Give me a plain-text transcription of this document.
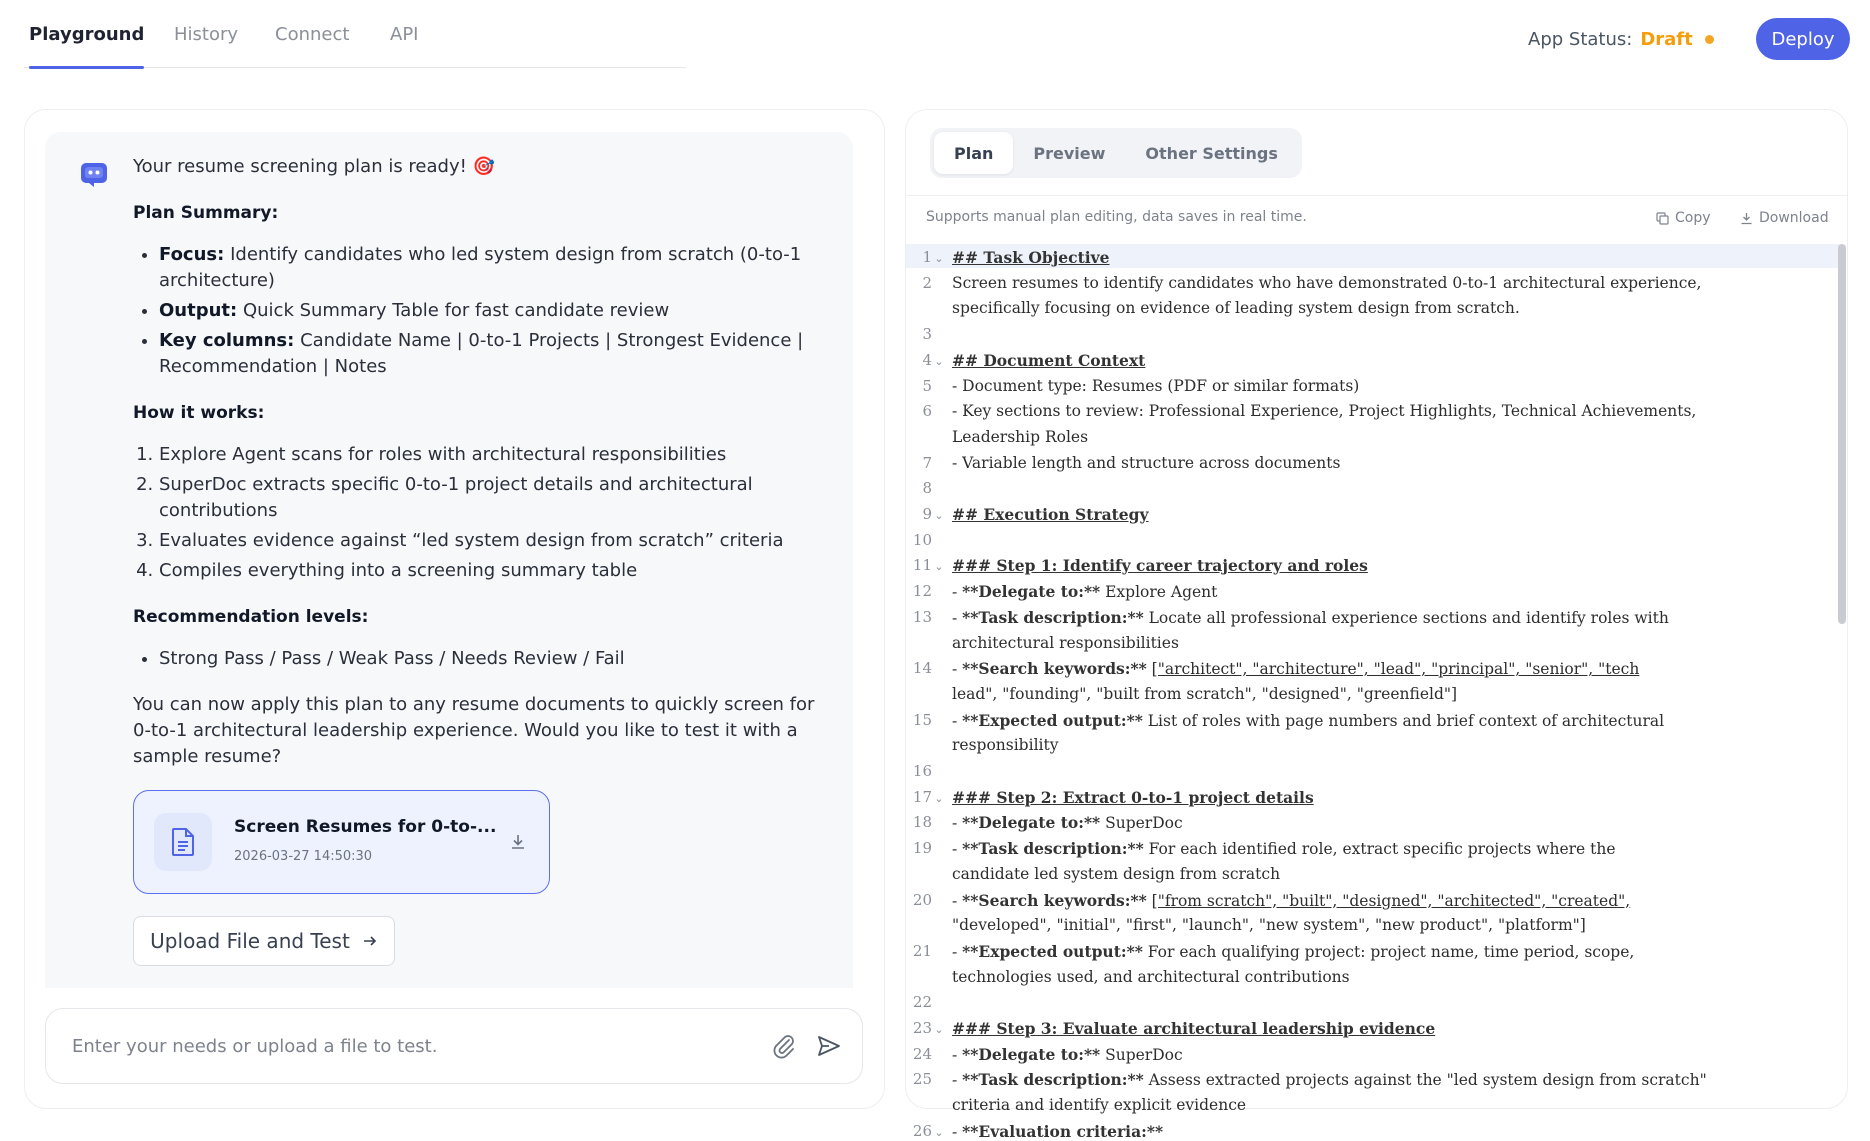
Playground History Connect API	App Status: Draft	Deploy

Your resume screening plan is ready! 🎯

Plan Summary:
• Focus: Identify candidates who led system design from scratch (0-to-1 architecture)
• Output: Quick Summary Table for fast candidate review
• Key columns: Candidate Name | 0-to-1 Projects | Strongest Evidence | Recommendation | Notes
How it works:
1. Explore Agent scans for roles with architectural responsibilities
2. SuperDoc extracts specific 0-to-1 project details and architectural contributions
3. Evaluates evidence against “led system design from scratch” criteria
4. Compiles everything into a screening summary table
Recommendation levels:
• Strong Pass / Pass / Weak Pass / Needs Review / Fail

You can now apply this plan to any resume documents to quickly screen for 0-to-1 architectural leadership experience. Would you like to test it with a sample resume?

Screen Resumes for 0-to-...
2026-03-27 14:50:30
Upload File and Test
Enter your needs or upload a file to test.
Plan	Preview	Other Settings
Supports manual plan editing, data saves in real time.	Copy	Download
1 ⌄ ## Task Objective
2 Screen resumes to identify candidates who have demonstrated 0-to-1 architectural experience,
specifically focusing on evidence of leading system design from scratch.
3
4 ⌄ ## Document Context
5 - Document type: Resumes (PDF or similar formats)
6 - Key sections to review: Professional Experience, Project Highlights, Technical Achievements,
Leadership Roles
7 - Variable length and structure across documents
8
9 ⌄ ## Execution Strategy
10
11 ⌄ ### Step 1: Identify career trajectory and roles
12 - **Delegate to:** Explore Agent
13 - **Task description:** Locate all professional experience sections and identify roles with
architectural responsibilities
14 - **Search keywords:** ["architect", "architecture", "lead", "principal", "senior", "tech
lead", "founding", "built from scratch", "designed", "greenfield"]
15 - **Expected output:** List of roles with page numbers and brief context of architectural
responsibility
16
17 ⌄ ### Step 2: Extract 0-to-1 project details
18 - **Delegate to:** SuperDoc
19 - **Task description:** For each identified role, extract specific projects where the
candidate led system design from scratch
20 - **Search keywords:** ["from scratch", "built", "designed", "architected", "created",
"developed", "initial", "first", "launch", "new system", "new product", "platform"]
21 - **Expected output:** For each qualifying project: project name, time period, scope,
technologies used, and architectural contributions
22
23 ⌄ ### Step 3: Evaluate architectural leadership evidence
24 - **Delegate to:** SuperDoc
25 - **Task description:** Assess extracted projects against the "led system design from scratch"
criteria and identify explicit evidence
26 ⌄ - **Evaluation criteria:**
